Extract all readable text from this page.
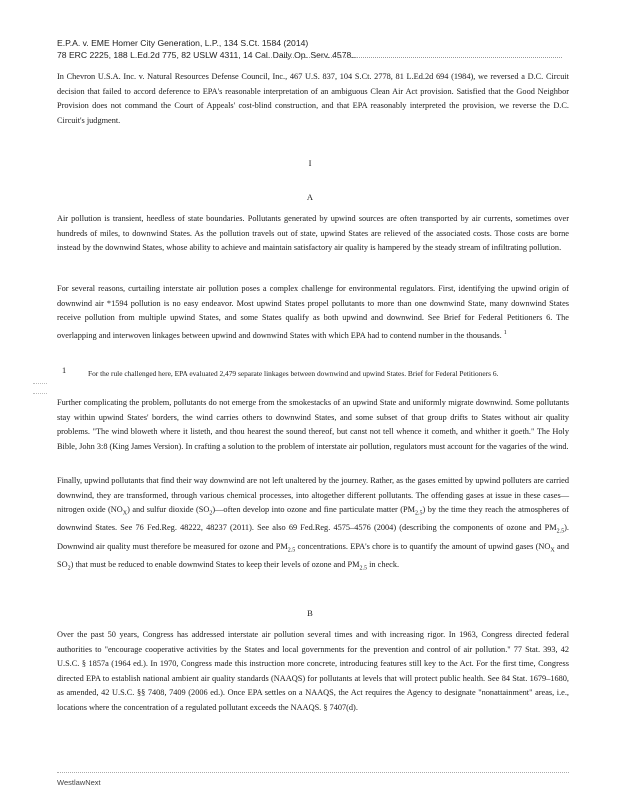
E.P.A. v. EME Homer City Generation, L.P., 134 S.Ct. 1584 (2014)
78 ERC 2225, 188 L.Ed.2d 775, 82 USLW 4311, 14 Cal. Daily Op. Serv. 4578...
In Chevron U.S.A. Inc. v. Natural Resources Defense Council, Inc., 467 U.S. 837, 104 S.Ct. 2778, 81 L.Ed.2d 694 (1984), we reversed a D.C. Circuit decision that failed to accord deference to EPA's reasonable interpretation of an ambiguous Clean Air Act provision. Satisfied that the Good Neighbor Provision does not command the Court of Appeals' cost-blind construction, and that EPA reasonably interpreted the provision, we reverse the D.C. Circuit's judgment.
I
A
Air pollution is transient, heedless of state boundaries. Pollutants generated by upwind sources are often transported by air currents, sometimes over hundreds of miles, to downwind States. As the pollution travels out of state, upwind States are relieved of the associated costs. Those costs are borne instead by the downwind States, whose ability to achieve and maintain satisfactory air quality is hampered by the steady stream of infiltrating pollution.
For several reasons, curtailing interstate air pollution poses a complex challenge for environmental regulators. First, identifying the upwind origin of downwind air *1594 pollution is no easy endeavor. Most upwind States propel pollutants to more than one downwind State, many downwind States receive pollution from multiple upwind States, and some States qualify as both upwind and downwind. See Brief for Federal Petitioners 6. The overlapping and interwoven linkages between upwind and downwind States with which EPA had to contend number in the thousands. $^1$
1	For the rule challenged here, EPA evaluated 2,479 separate linkages between downwind and upwind States. Brief for Federal Petitioners 6.
Further complicating the problem, pollutants do not emerge from the smokestacks of an upwind State and uniformly migrate downwind. Some pollutants stay within upwind States' borders, the wind carries others to downwind States, and some subset of that group drifts to States without air quality problems. "The wind bloweth where it listeth, and thou hearest the sound thereof, but canst not tell whence it cometh, and whither it goeth." The Holy Bible, John 3:8 (King James Version). In crafting a solution to the problem of interstate air pollution, regulators must account for the vagaries of the wind.
Finally, upwind pollutants that find their way downwind are not left unaltered by the journey. Rather, as the gases emitted by upwind polluters are carried downwind, they are transformed, through various chemical processes, into altogether different pollutants. The offending gases at issue in these cases—nitrogen oxide $(NO_X)$ and sulfur dioxide $(SO_2)—often$ develop into ozone and fine particulate matter $(PM_{2.5})$ by the time they reach the atmospheres of downwind States. See 76 Fed.Reg. 48222, 48237 (2011). See also 69 Fed.Reg. 4575–4576 (2004) (describing the components of ozone and $PM_{2.5}$). Downwind air quality must therefore be measured for ozone and $PM_{2.5}$ concentrations. EPA's chore is to quantify the amount of upwind gases ($NO_X$ and $SO_2$) that must be reduced to enable downwind States to keep their levels of ozone and $PM_{2.5}$ in check.
B
Over the past 50 years, Congress has addressed interstate air pollution several times and with increasing rigor. In 1963, Congress directed federal authorities to "encourage cooperative activities by the States and local governments for the prevention and control of air pollution." 77 Stat. 393, 42 U.S.C. § 1857a (1964 ed.). In 1970, Congress made this instruction more concrete, introducing features still key to the Act. For the first time, Congress directed EPA to establish national ambient air quality standards (NAAQS) for pollutants at levels that will protect public health. See 84 Stat. 1679–1680, as amended, 42 U.S.C. §§ 7408, 7409 (2006 ed.). Once EPA settles on a NAAQS, the Act requires the Agency to designate "nonattainment" areas, i.e., locations where the concentration of a regulated pollutant exceeds the NAAQS. § 7407(d).
WestlawNext
